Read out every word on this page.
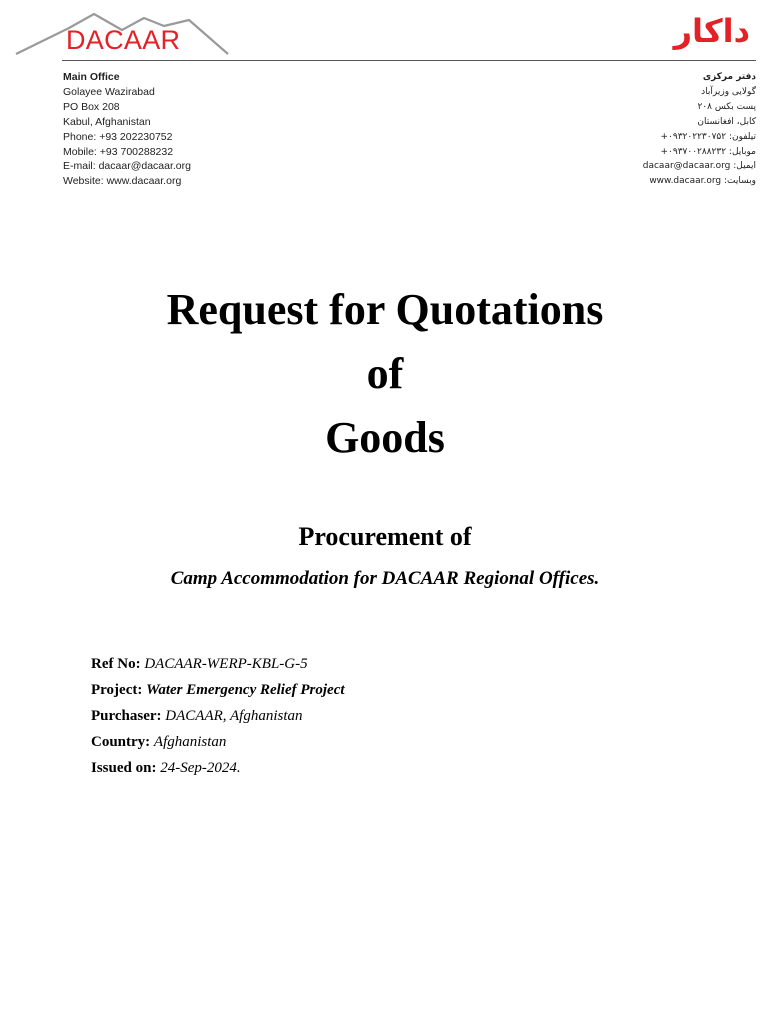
DACAAR	داکار
Main Office
Golayee Wazirabad
PO Box 208
Kabul, Afghanistan
Phone: +93 202230752
Mobile: +93 700288232
E-mail: dacaar@dacaar.org
Website: www.dacaar.org
دفتر مرکزی
گولایی وزیرآباد
پست بکس ۲۰۸
کابل، افغانستان
تیلفون: ۰۹۳۲۰۲۲۳۰۷۵۲+
موبایل: ۰۹۳۷۰۰۲۸۸۲۳۲+
ایمیل: dacaar@dacaar.org
وبسایت: www.dacaar.org
Request for Quotations
of
Goods
Procurement of
Camp Accommodation for DACAAR Regional Offices.
Ref No: DACAAR-WERP-KBL-G-5
Project: Water Emergency Relief Project
Purchaser: DACAAR, Afghanistan
Country: Afghanistan
Issued on: 24-Sep-2024.
